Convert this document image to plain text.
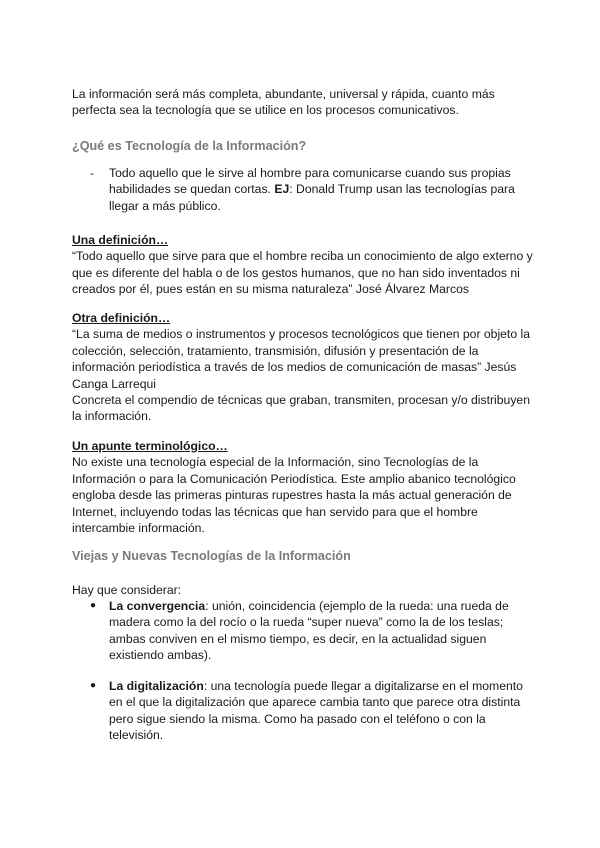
La información será más completa, abundante, universal y rápida, cuanto más perfecta sea la tecnología que se utilice en los procesos comunicativos.

¿Qué es Tecnología de la Información?

- Todo aquello que le sirve al hombre para comunicarse cuando sus propias habilidades se quedan cortas. EJ: Donald Trump usan las tecnologías para llegar a más público.

Una definición…

“Todo aquello que sirve para que el hombre reciba un conocimiento de algo externo y que es diferente del habla o de los gestos humanos, que no han sido inventados ni creados por él, pues están en su misma naturaleza” José Álvarez Marcos

Otra definición…

“La suma de medios o instrumentos y procesos tecnológicos que tienen por objeto la colección, selección, tratamiento, transmisión, difusión y presentación de la información periodística a través de los medios de comunicación de masas” Jesús Canga Larrequi

Concreta el compendio de técnicas que graban, transmiten, procesan y/o distribuyen la información.

Un apunte terminológico…

No existe una tecnología especial de la Información, sino Tecnologías de la Información o para la Comunicación Periodística. Este amplio abanico tecnológico engloba desde las primeras pinturas rupestres hasta la más actual generación de Internet, incluyendo todas las técnicas que han servido para que el hombre intercambie información.

Viejas y Nuevas Tecnologías de la Información

Hay que considerar:

● La convergencia: unión, coincidencia (ejemplo de la rueda: una rueda de madera como la del rocío o la rueda “super nueva” como la de los teslas; ambas conviven en el mismo tiempo, es decir, en la actualidad siguen existiendo ambas).

● La digitalización: una tecnología puede llegar a digitalizarse en el momento en el que la digitalización que aparece cambia tanto que parece otra distinta pero sigue siendo la misma. Como ha pasado con el teléfono o con la televisión.
